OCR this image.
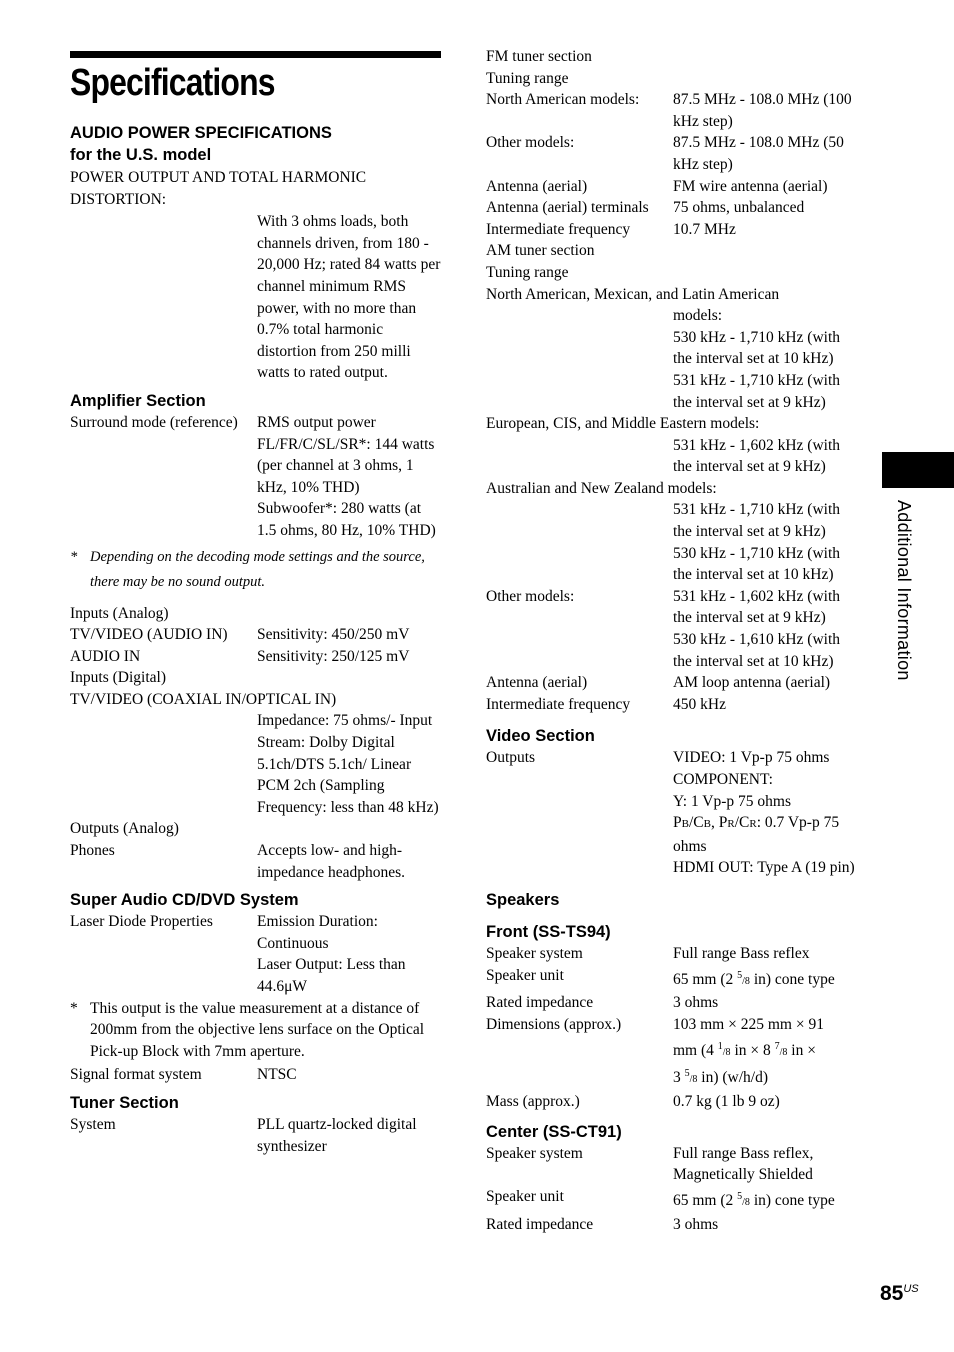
Specifications
AUDIO POWER SPECIFICATIONS
for the U.S. model
POWER OUTPUT AND TOTAL HARMONIC DISTORTION:
With 3 ohms loads, both channels driven, from 180 - 20,000 Hz; rated 84 watts per channel minimum RMS power, with no more than 0.7% total harmonic distortion from 250 milli watts to rated output.
Amplifier Section
Surround mode (reference)	RMS output power
FL/FR/C/SL/SR*: 144 watts (per channel at 3 ohms, 1 kHz, 10% THD)
Subwoofer*: 280 watts (at 1.5 ohms, 80 Hz, 10% THD)
* Depending on the decoding mode settings and the source, there may be no sound output.
Inputs (Analog)
TV/VIDEO (AUDIO IN)	Sensitivity: 450/250 mV
AUDIO IN	Sensitivity: 250/125 mV
Inputs (Digital)
TV/VIDEO (COAXIAL IN/OPTICAL IN)
Impedance: 75 ohms/- Input Stream: Dolby Digital 5.1ch/DTS 5.1ch/ Linear PCM 2ch (Sampling Frequency: less than 48 kHz)
Outputs (Analog)
Phones	Accepts low- and high-impedance headphones.
Super Audio CD/DVD System
Laser Diode Properties	Emission Duration: Continuous
Laser Output: Less than 44.6μW
* This output is the value measurement at a distance of 200mm from the objective lens surface on the Optical Pick-up Block with 7mm aperture.
Signal format system	NTSC
Tuner Section
System	PLL quartz-locked digital synthesizer
FM tuner section
Tuning range
North American models:	87.5 MHz - 108.0 MHz (100 kHz step)
Other models:	87.5 MHz - 108.0 MHz (50 kHz step)
Antenna (aerial)	FM wire antenna (aerial)
Antenna (aerial) terminals	75 ohms, unbalanced
Intermediate frequency	10.7 MHz
AM tuner section
Tuning range
North American, Mexican, and Latin American
models:
530 kHz - 1,710 kHz (with the interval set at 10 kHz)
531 kHz - 1,710 kHz (with the interval set at 9 kHz)
European, CIS, and Middle Eastern models:
531 kHz - 1,602 kHz (with the interval set at 9 kHz)
Australian and New Zealand models:
531 kHz - 1,710 kHz (with the interval set at 9 kHz)
530 kHz - 1,710 kHz (with the interval set at 10 kHz)
Other models:	531 kHz - 1,602 kHz (with the interval set at 9 kHz)
530 kHz - 1,610 kHz (with the interval set at 10 kHz)
Antenna (aerial)	AM loop antenna (aerial)
Intermediate frequency	450 kHz
Video Section
Outputs	VIDEO: 1 Vp-p 75 ohms
COMPONENT:
Y: 1 Vp-p 75 ohms
PB/CB, PR/CR: 0.7 Vp-p 75 ohms
HDMI OUT: Type A (19 pin)
Speakers
Front (SS-TS94)
Speaker system	Full range Bass reflex
Speaker unit	65 mm (2 $^5$/8 in) cone type
Rated impedance	3 ohms
Dimensions (approx.)	103 mm × 225 mm × 91
mm (4 $^1$/8 in × 8 $^7$/8 in ×
3 $^5$/8 in) (w/h/d)
Mass (approx.)	0.7 kg (1 lb 9 oz)
Center (SS-CT91)
Speaker system	Full range Bass reflex, Magnetically Shielded
Speaker unit	65 mm (2 $^5$/8 in) cone type
Rated impedance	3 ohms
Additional Information
$85^{US}$
